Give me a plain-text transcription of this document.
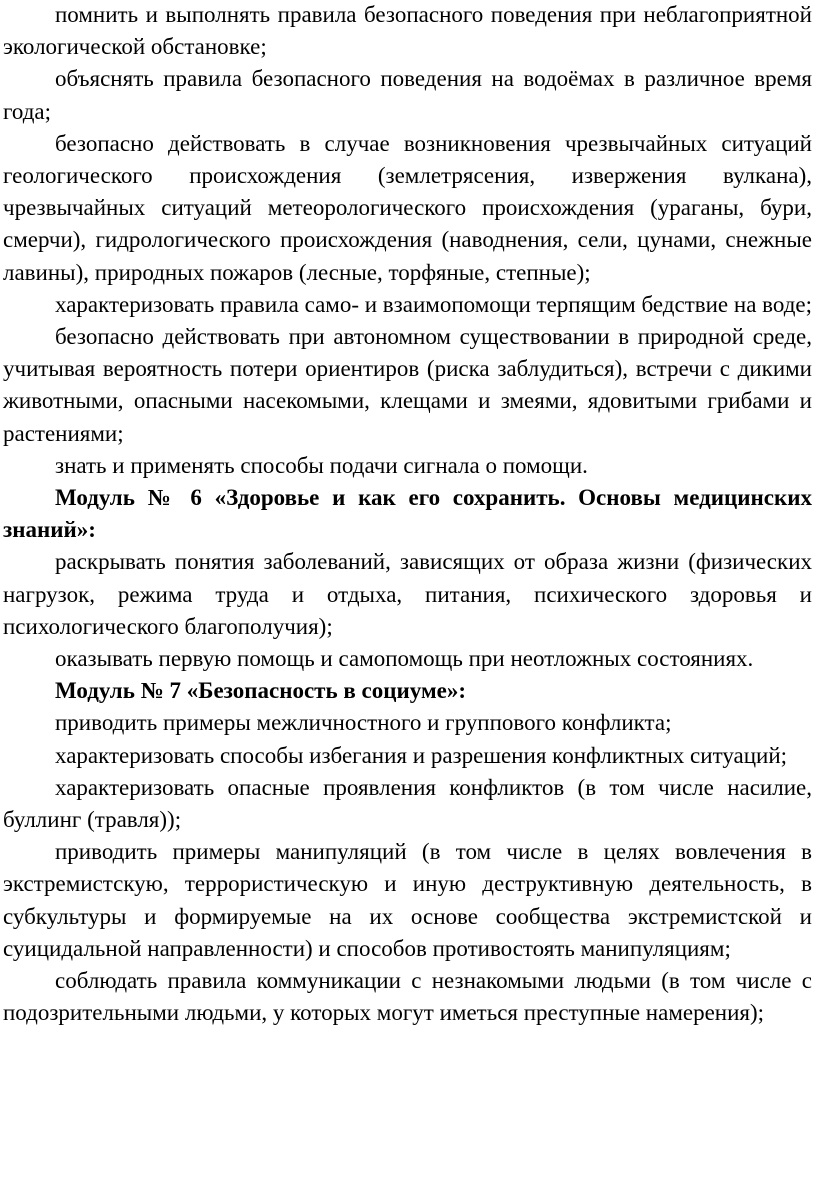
помнить и выполнять правила безопасного поведения при неблагоприятной экологической обстановке;

объяснять правила безопасного поведения на водоёмах в различное время года;

безопасно действовать в случае возникновения чрезвычайных ситуаций геологического происхождения (землетрясения, извержения вулкана), чрезвычайных ситуаций метеорологического происхождения (ураганы, бури, смерчи), гидрологического происхождения (наводнения, сели, цунами, снежные лавины), природных пожаров (лесные, торфяные, степные);

характеризовать правила само- и взаимопомощи терпящим бедствие на воде;

безопасно действовать при автономном существовании в природной среде, учитывая вероятность потери ориентиров (риска заблудиться), встречи с дикими животными, опасными насекомыми, клещами и змеями, ядовитыми грибами и растениями;

знать и применять способы подачи сигнала о помощи.

Модуль № 6 «Здоровье и как его сохранить. Основы медицинских знаний»:

раскрывать понятия заболеваний, зависящих от образа жизни (физических нагрузок, режима труда и отдыха, питания, психического здоровья и психологического благополучия);

оказывать первую помощь и самопомощь при неотложных состояниях.

Модуль № 7 «Безопасность в социуме»:

приводить примеры межличностного и группового конфликта;

характеризовать способы избегания и разрешения конфликтных ситуаций;

характеризовать опасные проявления конфликтов (в том числе насилие, буллинг (травля));

приводить примеры манипуляций (в том числе в целях вовлечения в экстремистскую, террористическую и иную деструктивную деятельность, в субкультуры и формируемые на их основе сообщества экстремистской и суицидальной направленности) и способов противостоять манипуляциям;

соблюдать правила коммуникации с незнакомыми людьми (в том числе с подозрительными людьми, у которых могут иметься преступные намерения);
